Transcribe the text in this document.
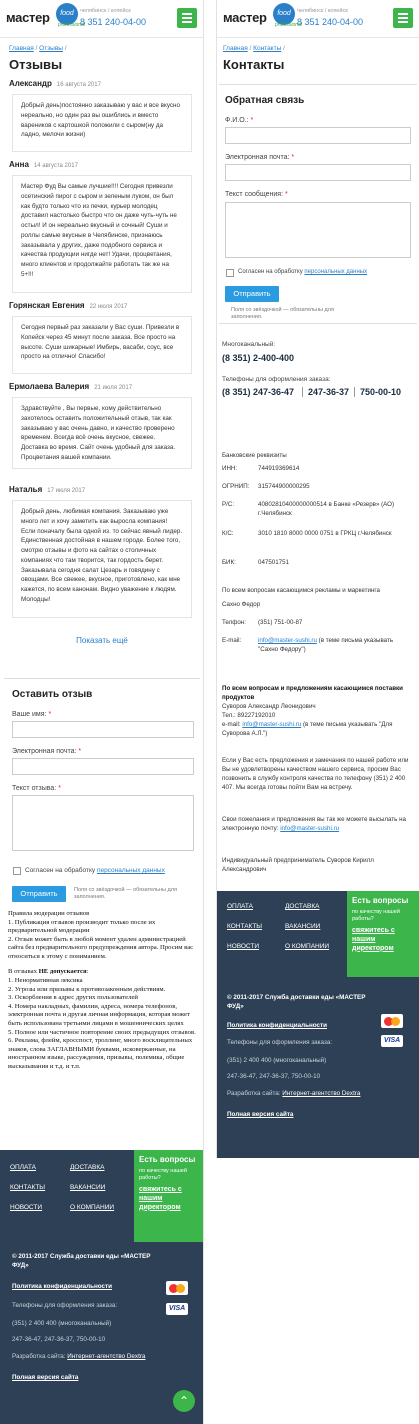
мастер	food
professional
челябинск / копейск
8 351 240-04-00
Главная / Отзывы /
Отзывы
Александр 16 августа 2017
Добрый день)постоянно заказываю у вас и все вкусно нереально, но один раз вы ошиблись и вместо вареников с картошкой положили с сыром(ну да ладно, мелочи жизни)
Анна 14 августа 2017
Мастер Фуд Вы самые лучшие!!!! Сегодня привезли осетинский пирог с сыром и зеленым луком, он был как будто только что из печки, курьер молодец доставил настолько быстро что он даже чуть-чуть не остыл! И он нереально вкусный и сочный! Суши и роллы самые вкусные в Челябинске, признаюсь заказывала у других, даже подобного сервиса и качества продукции нигде нет! Удачи, процветания, много клиентов и продолжайте работать так же на 5+!!!
Горянская Евгения 22 июля 2017
Сегодня первый раз заказали у Вас суши. Привезли в Копейск через 45 минут после заказа. Все просто на высоте. Суши шикарные! Имбирь, васаби, соус, все просто на отлично! Спасибо!
Ермолаева Валерия 21 июля 2017
Здравствуйте , Вы первые, кому действительно захотелось оставить положительный отзыв, так как заказываю у вас очень давно, и качество проверено временем. Всегда всё очень вкусное, свежее. Доставка во время. Сайт очень удобный для заказа. Процветания вашей компании.
Наталья 17 июля 2017
Добрый день, любимая компания. Заказываю уже много лет и хочу заметить как выросла компания! Если поначалу была одной из. то сейчас явный лидер. Единственная достойная в нашем городе. Более того, смотрю отзывы и фото на сайтах о столичных компаниях что там творится, так гордость берет. Заказывала сегодня салат Цезарь и говядину с овощами. Все свежее, вкусное, приготовлено, как мне кажется, по всем канонам. Видно уважение к людям. Молодцы!
Показать ещё
Оставить отзыв
Ваше имя: *
Электронная почта: *
Текст отзыва: *
Согласен на обработку персональных данных
Отправить	Поля со звёздочкой — обязательны для заполнения.

Правила модерации отзывов

1. Публикация отзывов производит только после их предварительной модерации

2. Отзыв может быть в любой момент удален администрацией сайта без предварительного предупреждения автора. Просим вас относиться к этому с пониманием.

В отзывах НЕ допускается:

1. Ненормативная лексика

2. Угрозы или призывы к противозаконным действиям.

3. Оскорбления в адрес других пользователей

4. Номера накладных, фамилии, адреса, номера телефонов, электронная почта и другая личная информация, которая может быть использована третьими лицами в мошеннических целях

5. Полное или частичное повторение своих предыдущих отзывов.

6. Реклама, флейм, кросспост, троллинг, много восклицательных знаков, слова ЗАГЛАВНЫМИ буквами, исковерканные, на иностранном языке, рассуждения, призывы, полемика, общие высказывания и т.д. и т.п.

ОПЛАТА	ДОСТАВКА
КОНТАКТЫ	ВАКАНСИИ
НОВОСТИ	О КОМПАНИИ
Есть вопросы
по качеству нашей работы?
свяжитесь с нашим директором
© 2011-2017 Служба доставки еды «МАСТЕР ФУД»
Политика конфиденциальности
Телефоны для оформления заказа:
(351) 2 400 400 (многоканальный)
247-36-47, 247-36-37, 750-00-10
Разработка сайта: Интернет-агентство Dextra
Полная версия сайта
VISA
⌃
мастер	food
professional
челябинск / копейск
8 351 240-04-00
Главная / Контакты /
Контакты
Обратная связь
Ф.И.О.: *
Электронная почта: *
Текст сообщения: *
Согласен на обработку персональных данных
Отправить
Поля со звёздочкой — обязательны для заполнения.
Многоканальный:
(8 351) 2-400-400
Телефоны для оформления заказа:
(8 351) 247-36-47	247-36-37	750-00-10
Банковские реквизиты
ИНН:	744919369614
ОГРНИП: 315744900000295
Р/С:	40802810400000000514 в Банке «Резерв» (АО) г.Челябинск
К/С:	3010 1810 8000 0000 0751 в ГРКЦ г.Челябинск
БИК:	047501751
По всем вопросам касающимся рекламы и маркетинга
Сахно Федор
Телфон: (351) 751-00-87
E-mail:	info@master-sushi.ru (в теме письма указывать "Сахно Федору")
По всем вопросам и предложениям касающимся поставки продуктов
Суворов Александр Леонидович
Тел.: 89227192010
e-mail: info@master-sushi.ru (в теме письма указывать "Для Суворова А.Л.")
Если у Вас есть предложения и замечания по нашей работе или Вы не удовлетворены качеством нашего сервиса, просим Вас позвонить в службу контроля качества по телефону (351) 2 400 407. Мы всегда готовы пойти Вам на встречу.
Свои пожелания и предложения вы так же можете высылать на электронную почту: info@master-sushi.ru
Индивидуальный предприниматель Суворов Кирилл Александрович
ОПЛАТА	ДОСТАВКА
КОНТАКТЫ	ВАКАНСИИ
НОВОСТИ	О КОМПАНИИ
Есть вопросы
по качеству нашей работы?
свяжитесь с нашим директором
© 2011-2017 Служба доставки еды «МАСТЕР ФУД»
Политика конфиденциальности
Телефоны для оформления заказа:
(351) 2 400 400 (многоканальный)
247-36-47, 247-36-37, 750-00-10
Разработка сайта: Интернет-агентство Dextra
Полная версия сайта
VISA
